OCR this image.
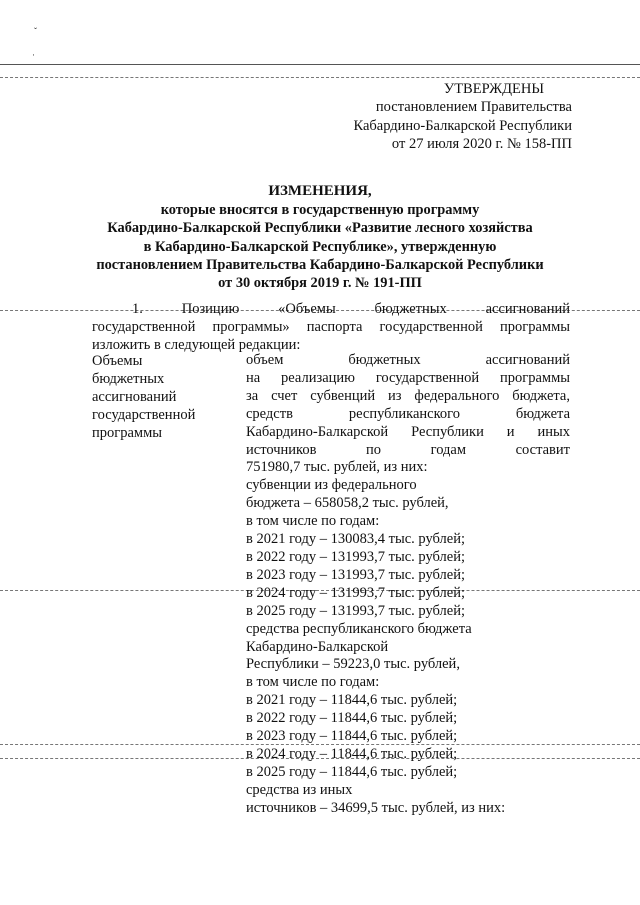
ˇ
·
УТВЕРЖДЕНЫ
постановлением Правительства
Кабардино-Балкарской Республики
от 27 июля 2020 г. № 158-ПП
ИЗМЕНЕНИЯ,
которые вносятся в государственную программу
Кабардино-Балкарской Республики «Развитие лесного хозяйства
в Кабардино-Балкарской Республике», утвержденную
постановлением Правительства Кабардино-Балкарской Республики
от 30 октября 2019 г. № 191-ПП
1. Позицию «Объемы бюджетных ассигнований
государственной программы» паспорта государственной программы
изложить в следующей редакции:
Объемы
бюджетных
ассигнований
государственной
программы
объем бюджетных ассигнований
на реализацию государственной программы
за счет субвенций из федерального бюджета,
средств республиканского бюджета
Кабардино-Балкарской Республики и иных
источников по годам составит
751980,7 тыс. рублей, из них:
субвенции из федерального
бюджета – 658058,2 тыс. рублей,
в том числе по годам:
в 2021 году – 130083,4 тыс. рублей;
в 2022 году – 131993,7 тыс. рублей;
в 2023 году – 131993,7 тыс. рублей;
в 2024 году – 131993,7 тыс. рублей;
в 2025 году – 131993,7 тыс. рублей;
средства республиканского бюджета
Кабардино-Балкарской
Республики – 59223,0 тыс. рублей,
в том числе по годам:
в 2021 году – 11844,6 тыс. рублей;
в 2022 году – 11844,6 тыс. рублей;
в 2023 году – 11844,6 тыс. рублей;
в 2024 году – 11844,6 тыс. рублей;
в 2025 году – 11844,6 тыс. рублей;
средства из иных
источников – 34699,5 тыс. рублей, из них:
